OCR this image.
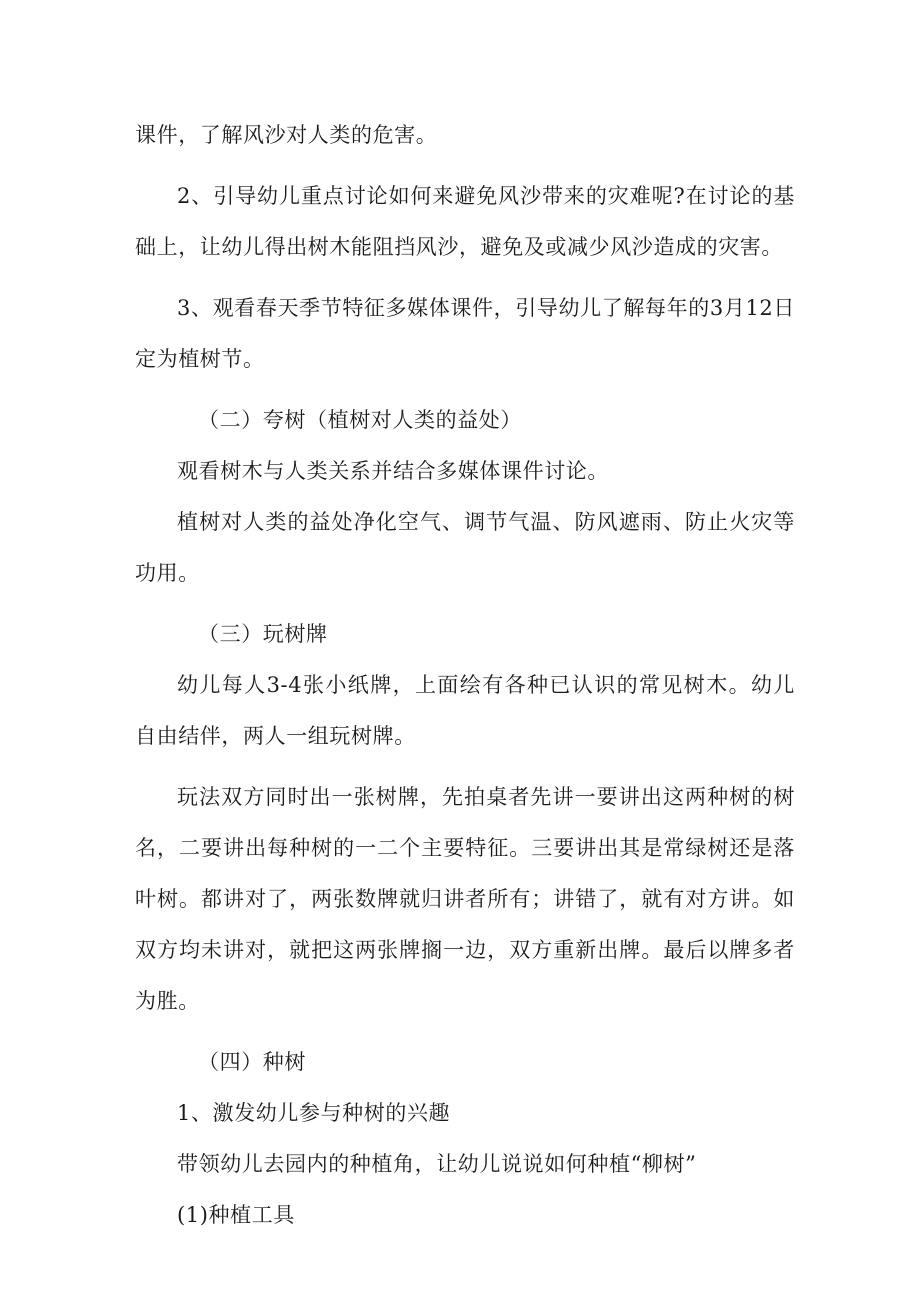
课件，了解风沙对人类的危害。

2、引导幼儿重点讨论如何来避免风沙带来的灾难呢?在讨论的基础上，让幼儿得出树木能阻挡风沙，避免及或减少风沙造成的灾害。

3、观看春天季节特征多媒体课件，引导幼儿了解每年的3月12日定为植树节。

（二）夸树（植树对人类的益处）

观看树木与人类关系并结合多媒体课件讨论。

植树对人类的益处净化空气、调节气温、防风遮雨、防止火灾等功用。

（三）玩树牌

幼儿每人3-4张小纸牌，上面绘有各种已认识的常见树木。幼儿自由结伴，两人一组玩树牌。

玩法双方同时出一张树牌，先拍桌者先讲一要讲出这两种树的树名，二要讲出每种树的一二个主要特征。三要讲出其是常绿树还是落叶树。都讲对了，两张数牌就归讲者所有；讲错了，就有对方讲。如双方均未讲对，就把这两张牌搁一边，双方重新出牌。最后以牌多者为胜。

（四）种树

1、激发幼儿参与种树的兴趣

带领幼儿去园内的种植角，让幼儿说说如何种植“柳树”

(1)种植工具
